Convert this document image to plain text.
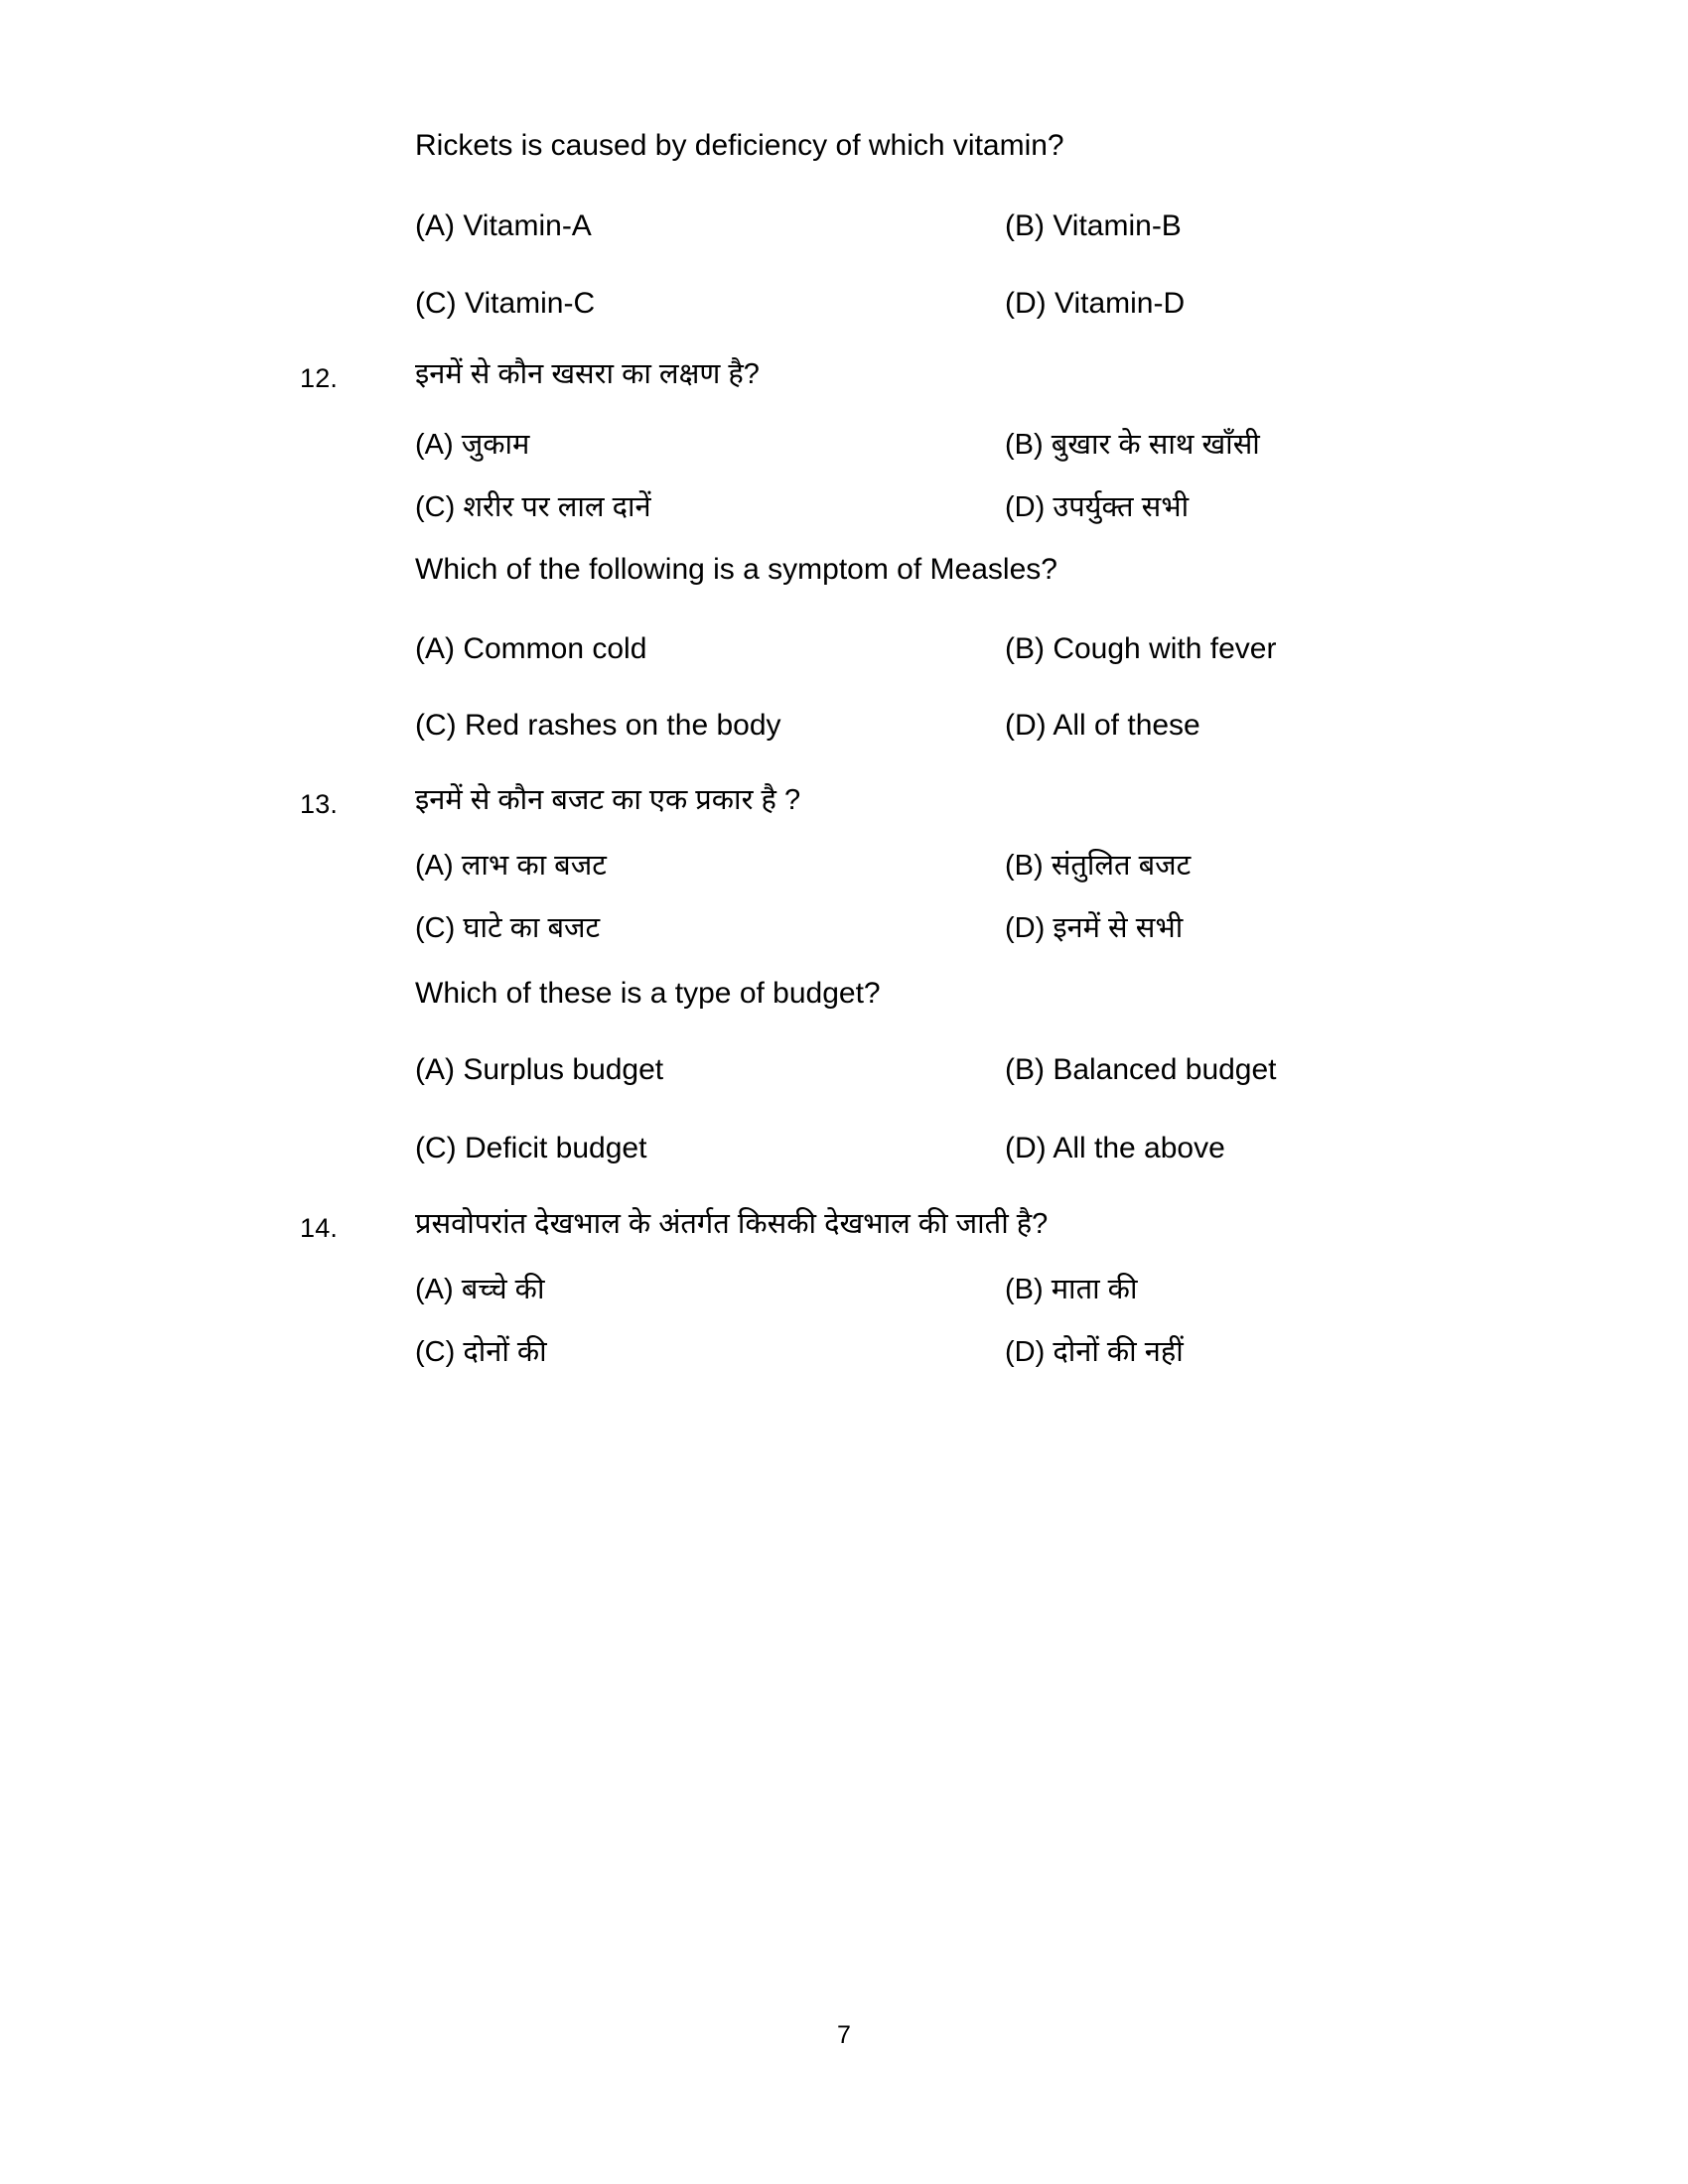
Rickets is caused by deficiency of which vitamin?
(A) Vitamin-A	(B) Vitamin-B
(C) Vitamin-C	(D) Vitamin-D
12.	इनमें से कौन खसरा का लक्षण है?
(A) जुकाम	(B) बुखार के साथ खाँसी
(C) शरीर पर लाल दानें	(D) उपर्युक्त सभी
Which of the following is a symptom of Measles?
(A) Common cold	(B) Cough with fever
(C) Red rashes on the body	(D) All of these
13.	इनमें से कौन बजट का एक प्रकार है ?
(A) लाभ का बजट	(B) संतुलित बजट
(C) घाटे का बजट	(D) इनमें से सभी
Which of these is a type of budget?
(A) Surplus budget	(B) Balanced budget
(C) Deficit budget	(D) All the above
14.	प्रसवोपरांत देखभाल के अंतर्गत किसकी देखभाल की जाती है?
(A) बच्चे की	(B) माता की
(C) दोनों की	(D) दोनों की नहीं
7
